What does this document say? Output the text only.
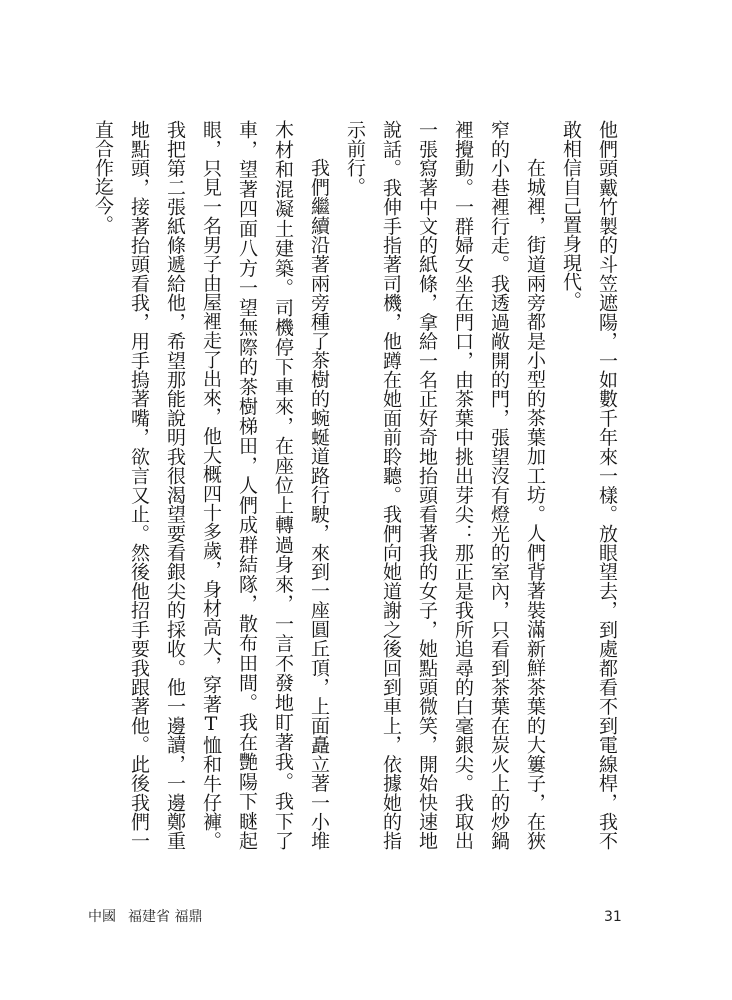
他們頭戴竹製的斗笠遮陽，一如數千年來一樣。放眼望去，到處都看不到電線桿，我不
敢相信自己置身現代。
在城裡，街道兩旁都是小型的茶葉加工坊。人們背著裝滿新鮮茶葉的大簍子，在狹
窄的小巷裡行走。我透過敞開的門，張望沒有燈光的室內，只看到茶葉在炭火上的炒鍋
裡攪動。一群婦女坐在門口，由茶葉中挑出芽尖：那正是我所追尋的白毫銀尖。我取出
一張寫著中文的紙條，拿給一名正好奇地抬頭看著我的女子，她點頭微笑，開始快速地
說話。我伸手指著司機，他蹲在她面前聆聽。我們向她道謝之後回到車上，依據她的指
示前行。
我們繼續沿著兩旁種了茶樹的蜿蜒道路行駛，來到一座圓丘頂，上面矗立著一小堆
木材和混凝土建築。司機停下車來，在座位上轉過身來，一言不發地盯著我。我下了
車，望著四面八方一望無際的茶樹梯田，人們成群結隊，散布田間。我在艷陽下瞇起
眼，只見一名男子由屋裡走了出來，他大概四十多歲，身材高大，穿著T恤和牛仔褲。
我把第二張紙條遞給他，希望那能說明我很渴望要看銀尖的採收。他一邊讀，一邊鄭重
地點頭，接著抬頭看我，用手摀著嘴，欲言又止。然後他招手要我跟著他。此後我們一
直合作迄今。
中國 福建省 福鼎	31
